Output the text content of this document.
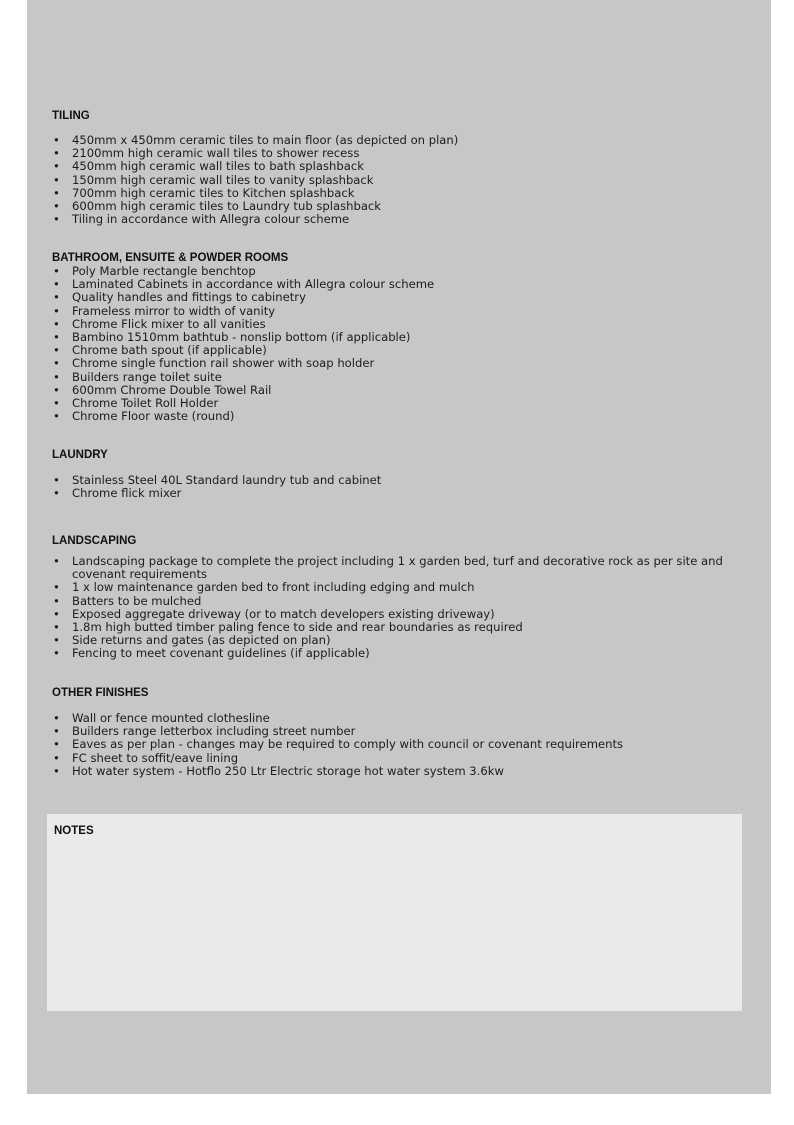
TILING
• 450mm x 450mm ceramic tiles to main floor (as depicted on plan)
• 2100mm high ceramic wall tiles to shower recess
• 450mm high ceramic wall tiles to bath splashback
• 150mm high ceramic wall tiles to vanity splashback
• 700mm high ceramic tiles to Kitchen splashback
• 600mm high ceramic tiles to Laundry tub splashback
• Tiling in accordance with Allegra colour scheme
BATHROOM, ENSUITE & POWDER ROOMS
• Poly Marble rectangle benchtop
• Laminated Cabinets in accordance with Allegra colour scheme
• Quality handles and fittings to cabinetry
• Frameless mirror to width of vanity
• Chrome Flick mixer to all vanities
• Bambino 1510mm bathtub - nonslip bottom (if applicable)
• Chrome bath spout (if applicable)
• Chrome single function rail shower with soap holder
• Builders range toilet suite
• 600mm Chrome Double Towel Rail
• Chrome Toilet Roll Holder
• Chrome Floor waste (round)
LAUNDRY
• Stainless Steel 40L Standard laundry tub and cabinet
• Chrome flick mixer
LANDSCAPING
• Landscaping package to complete the project including 1 x garden bed, turf and decorative rock as per site and covenant requirements
• 1 x low maintenance garden bed to front including edging and mulch
• Batters to be mulched
• Exposed aggregate driveway (or to match developers existing driveway)
• 1.8m high butted timber paling fence to side and rear boundaries as required
• Side returns and gates (as depicted on plan)
• Fencing to meet covenant guidelines (if applicable)
OTHER FINISHES
• Wall or fence mounted clothesline
• Builders range letterbox including street number
• Eaves as per plan - changes may be required to comply with council or covenant requirements
• FC sheet to soffit/eave lining
• Hot water system - Hotflo 250 Ltr Electric storage hot water system 3.6kw
NOTES
